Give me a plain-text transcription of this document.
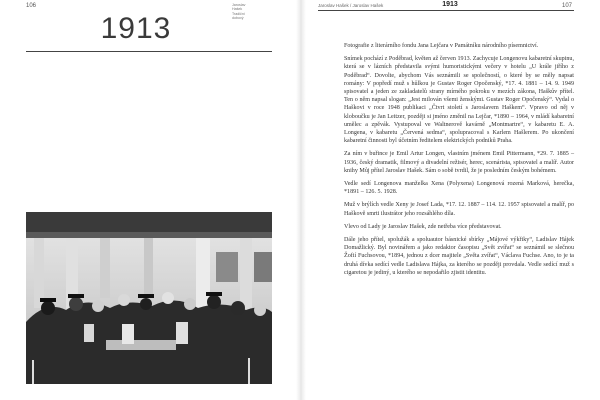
106	Jaroslav
Hašek
Tradiční
dobový
1913
Jaroslav Hašek / Jaroslav Hašek	1913	107

Fotografie z literárního fondu Jana Lejčara v Památníku národního písemnictví.

Snímek pochází z Poděbrad, květen až červen 1913. Zachycuje Longenovu kabaretní skupinu, která se v lázních představila svými humoristickými večery v hotelu „U krále jiřího z Poděbrad“. Dovolte, abychom Vás seznámili se společností, o které by se měly napsat romány: V popředí muž s hůlkou je Gustav Roger Opočenský, *17. 4. 1881 – 14. 9. 1949 spisovatel a jeden ze zakladatelů strany mírného pokroku v mezích zákona, Haškův přítel. Ten o něm napsal slogan: „Jest milován všemi ženskými. Gustav Roger Opočenský“. Vydal o Haškovi v roce 1948 publikaci „Čtvrt století s Jaroslavem Haškem“. Vpravo od něj v kloboučku je Jan Leitzer, později si jméno změnil na Lejčar, *1890 – 1964, v mládí kabaretní umělec a zpěvák. Vystupoval ve Waltnerově kavárně „Montmartre“, v kabaretu E. A. Longena, v kabaretu „Červená sedma“, spolupracoval s Karlem Hašlerem. Po ukončení kabaretní činnosti byl účetním ředitelem elektrických podniků Praha.

Za ním v buřince je Emil Artur Longen, vlastním jménem Emil Pittermann, *29. 7. 1885 – 1936, český dramatik, filmový a divadelní režisér, herec, scenárista, spisovatel a malíř. Autor knihy Můj přítel Jaroslav Hašek. Sám o sobě tvrdil, že je posledním českým bohémem.

Vedle sedí Longenova manželka Xena (Polyxena) Longenová rozená Marková, herečka, *1891 – 126. 5. 1928.

Muž v brýlích vedle Xeny je Josef Lada, *17. 12. 1887 – 114. 12. 1957 spisovatel a malíř, po Haškově smrti ilustrátor jeho rozsáhlého díla.

Vlevo od Lady je Jaroslav Hašek, zde netřeba více představovat.

Dále jeho přítel, spolužák a spoluautor básnické sbírky „Májové výkřiky“, Ladislav Hájek Domažlický. Byl novinářem a jako redaktor časopisu „Svět zvířat“ se seznámil se slečnou Žofií Fuchsovou, *1894, jednou z dcer majitele „Světa zvířat“, Václava Fuchse. Ano, to je ta druhá dívka sedící vedle Ladislava Hájka, za kterého se později provdala. Vedle sedící muž s cigaretou je jediný, u kterého se nepodařilo zjistit identitu.
